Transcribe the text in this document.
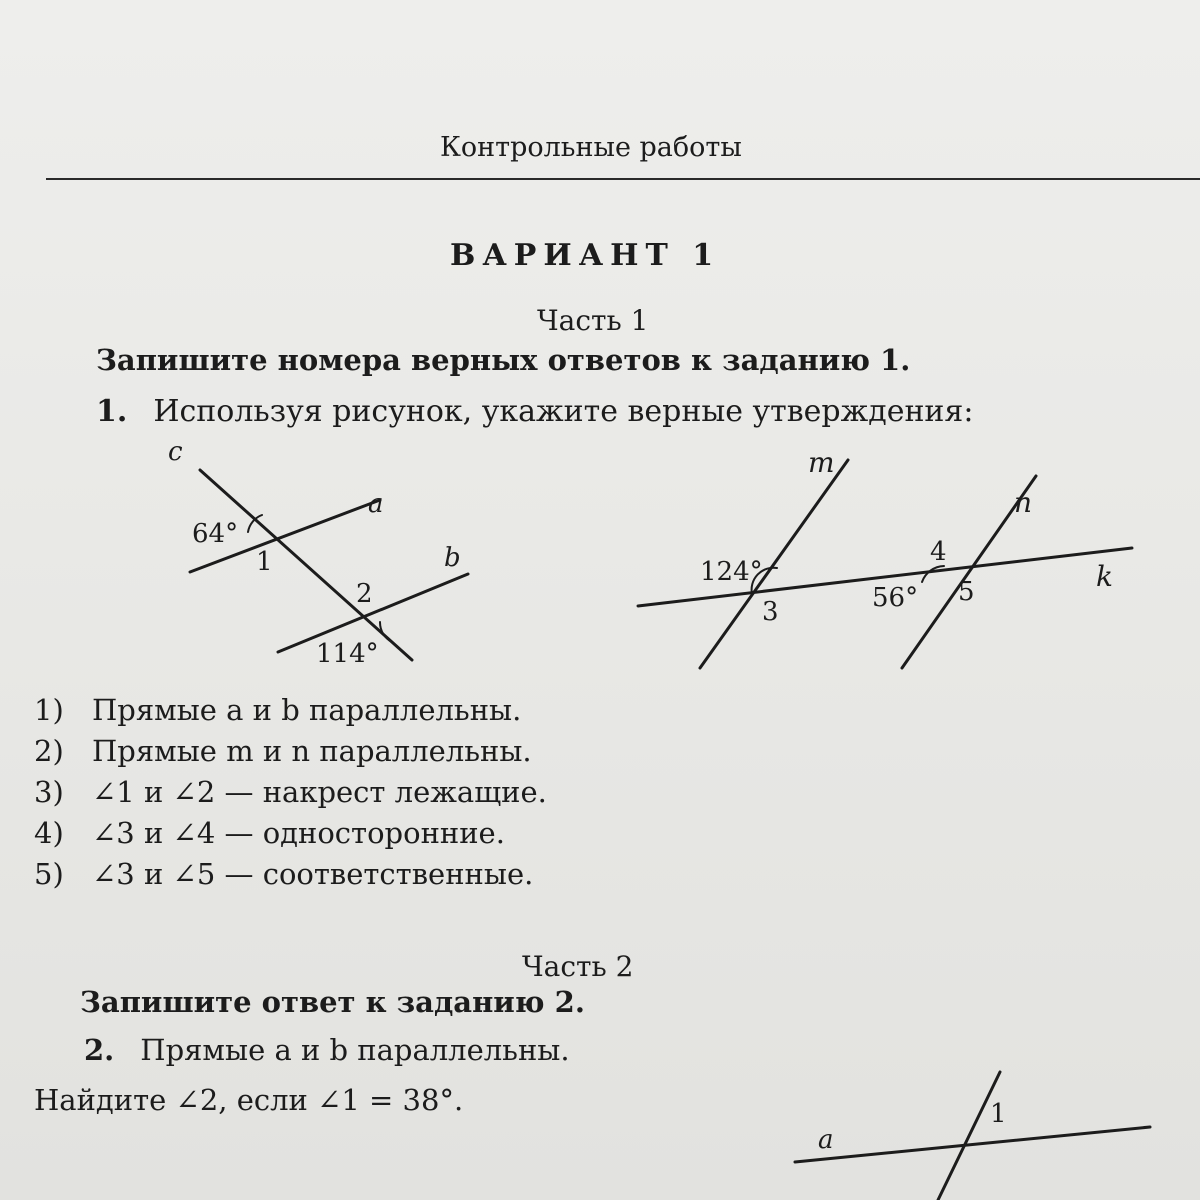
Контрольные работы
ВАРИАНТ 1
Часть 1
Запишите номера верных ответов к заданию 1.
1. Используя рисунок, укажите верные утверждения:
c
a
b
64°
1
2
114°
m
n
k
124°
3
4
56° 5
1) Прямые a и b параллельны.
2) Прямые m и n параллельны.
3) ∠1 и ∠2 — накрест лежащие.
4) ∠3 и ∠4 — односторонние.
5) ∠3 и ∠5 — соответственные.
Часть 2
Запишите ответ к заданию 2.
2. Прямые a и b параллельны.
Найдите ∠2, если ∠1 = 38°.
a
1
